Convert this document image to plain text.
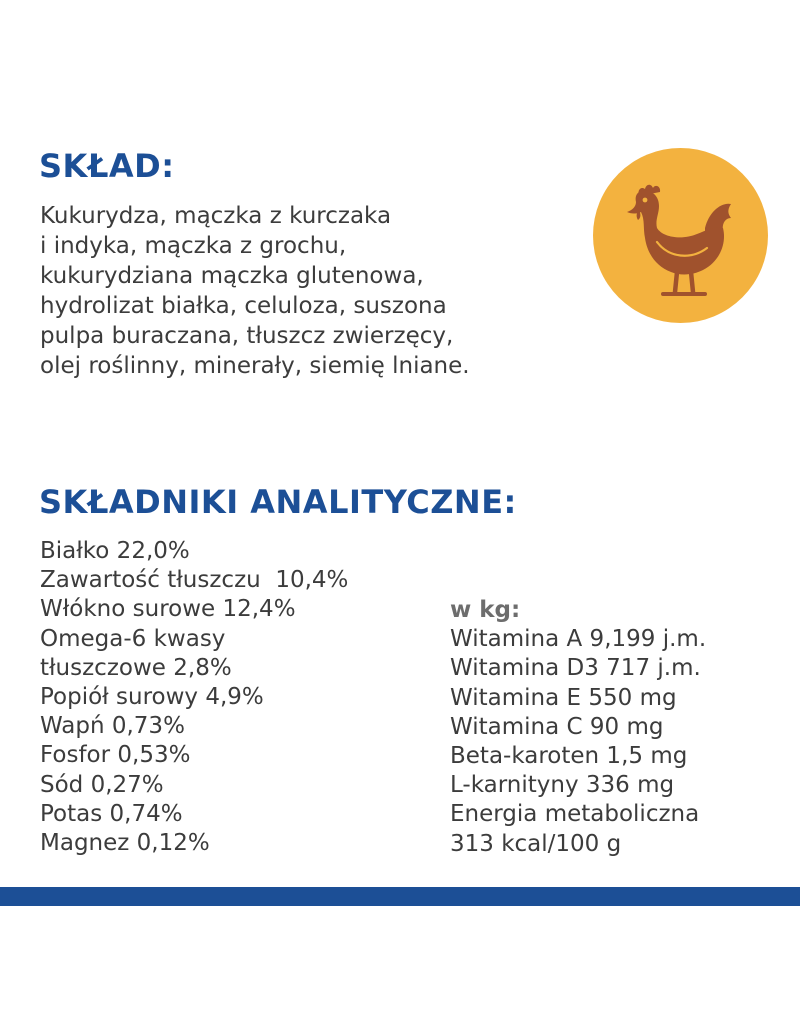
SKŁAD:

Kukurydza, mączka z kurczaka
i indyka, mączka z grochu,
kukurydziana mączka glutenowa,
hydrolizat białka, celuloza, suszona
pulpa buraczana, tłuszcz zwierzęcy,
olej roślinny, minerały, siemię lniane.

SKŁADNIKI ANALITYCZNE:
Białko 22,0%
Zawartość tłuszczu  10,4%
Włókno surowe 12,4%
Omega-6 kwasy
tłuszczowe 2,8%
Popiół surowy 4,9%
Wapń 0,73%
Fosfor 0,53%
Sód 0,27%
Potas 0,74%
Magnez 0,12%
w kg:
Witamina A 9,199 j.m.
Witamina D3 717 j.m.
Witamina E 550 mg
Witamina C 90 mg
Beta-karoten 1,5 mg
L-karnityny 336 mg
Energia metaboliczna
313 kcal/100 g
